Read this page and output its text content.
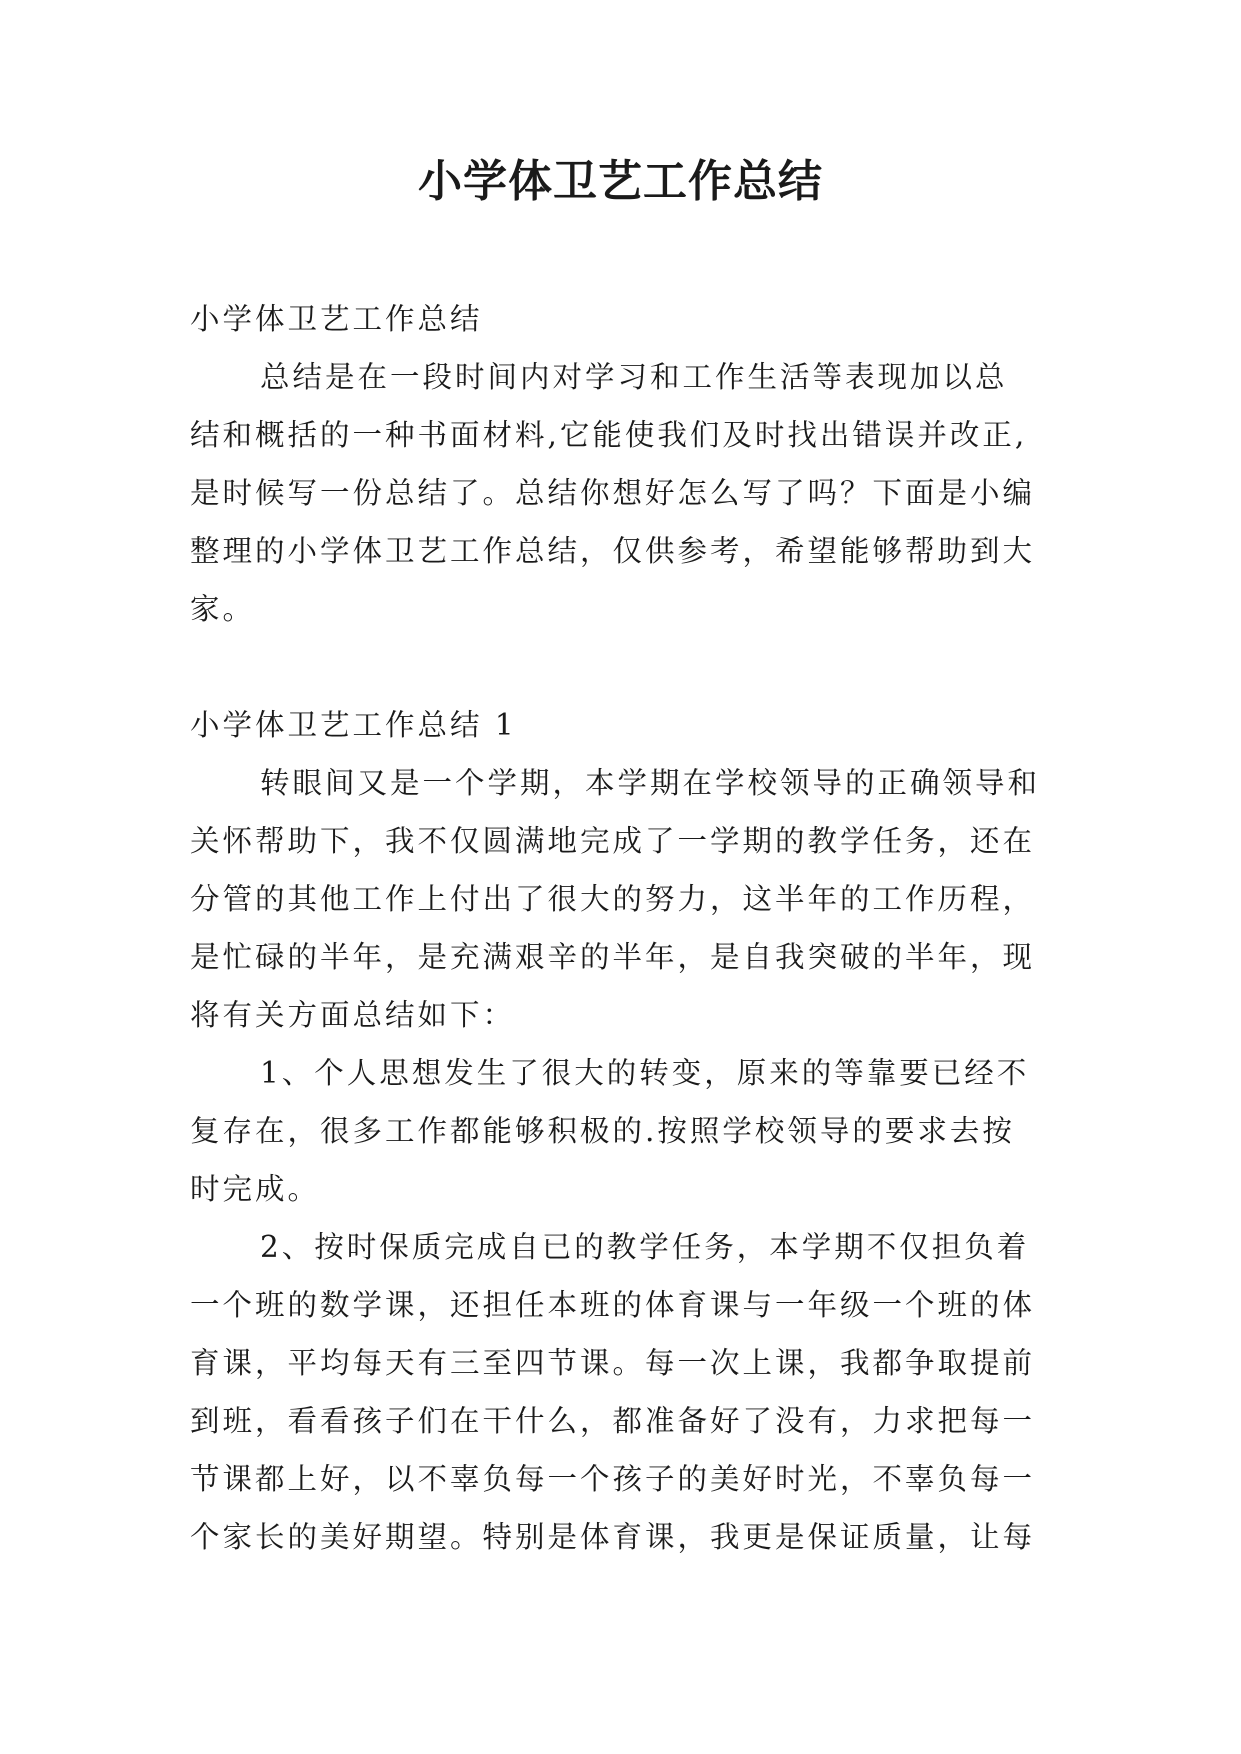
小学体卫艺工作总结
小学体卫艺工作总结
总结是在一段时间内对学习和工作生活等表现加以总
结和概括的一种书面材料,它能使我们及时找出错误并改正,
是时候写一份总结了。总结你想好怎么写了吗？下面是小编
整理的小学体卫艺工作总结，仅供参考，希望能够帮助到大
家。
小学体卫艺工作总结 1
转眼间又是一个学期，本学期在学校领导的正确领导和
关怀帮助下，我不仅圆满地完成了一学期的教学任务，还在
分管的其他工作上付出了很大的努力，这半年的工作历程，
是忙碌的半年，是充满艰辛的半年，是自我突破的半年，现
将有关方面总结如下：
1、个人思想发生了很大的转变，原来的等靠要已经不
复存在，很多工作都能够积极的.按照学校领导的要求去按
时完成。
2、按时保质完成自已的教学任务，本学期不仅担负着
一个班的数学课，还担任本班的体育课与一年级一个班的体
育课，平均每天有三至四节课。每一次上课，我都争取提前
到班，看看孩子们在干什么，都准备好了没有，力求把每一
节课都上好，以不辜负每一个孩子的美好时光，不辜负每一
个家长的美好期望。特别是体育课，我更是保证质量，让每
